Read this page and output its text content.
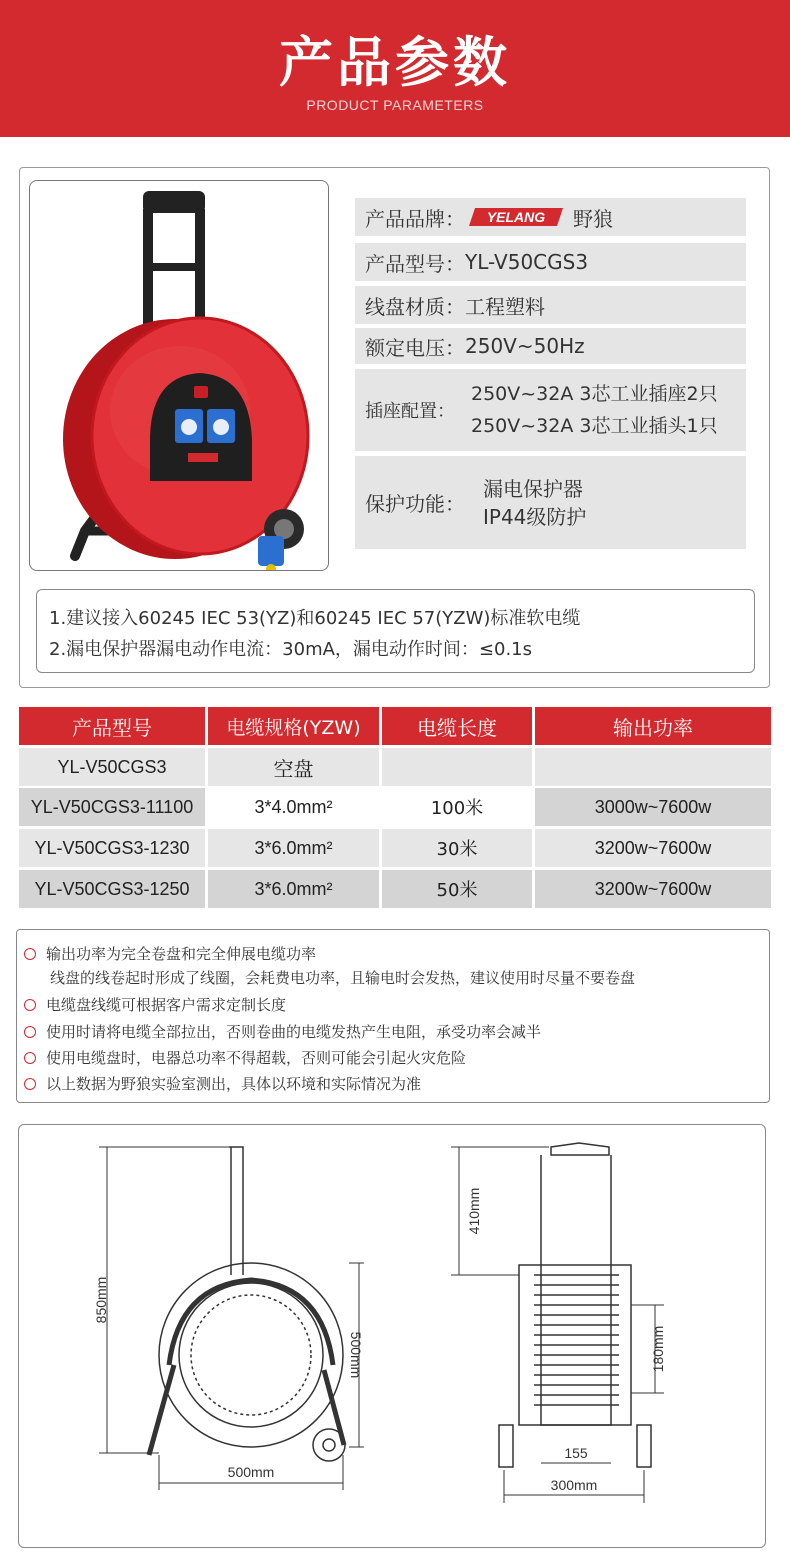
产品参数
PRODUCT PARAMETERS
产品品牌： YELANG 野狼
产品型号： YL-V50CGS3
线盘材质： 工程塑料
额定电压： 250V~50Hz
插座配置：
250V~32A 3芯工业插座2只
250V~32A 3芯工业插头1只
保护功能：
漏电保护器
IP44级防护
1.建议接入60245 IEC 53(YZ)和60245 IEC 57(YZW)标准软电缆
2.漏电保护器漏电动作电流：30mA，漏电动作时间：≤0.1s
产品型号	电缆规格(YZW)	电缆长度	输出功率
YL-V50CGS3	空盘
YL-V50CGS3-11100	3*4.0mm²	100米	3000w~7600w
YL-V50CGS3-1230	3*6.0mm²	30米	3200w~7600w
YL-V50CGS3-1250	3*6.0mm²	50米	3200w~7600w
输出功率为完全卷盘和完全伸展电缆功率
线盘的线卷起时形成了线圈，会耗费电功率，且输电时会发热，建议使用时尽量不要卷盘
电缆盘线缆可根据客户需求定制长度
使用时请将电缆全部拉出，否则卷曲的电缆发热产生电阻，承受功率会减半
使用电缆盘时，电器总功率不得超载，否则可能会引起火灾危险
以上数据为野狼实验室测出，具体以环境和实际情况为准
850mm
500mm
500mm
410mm
180mm
155
300mm
